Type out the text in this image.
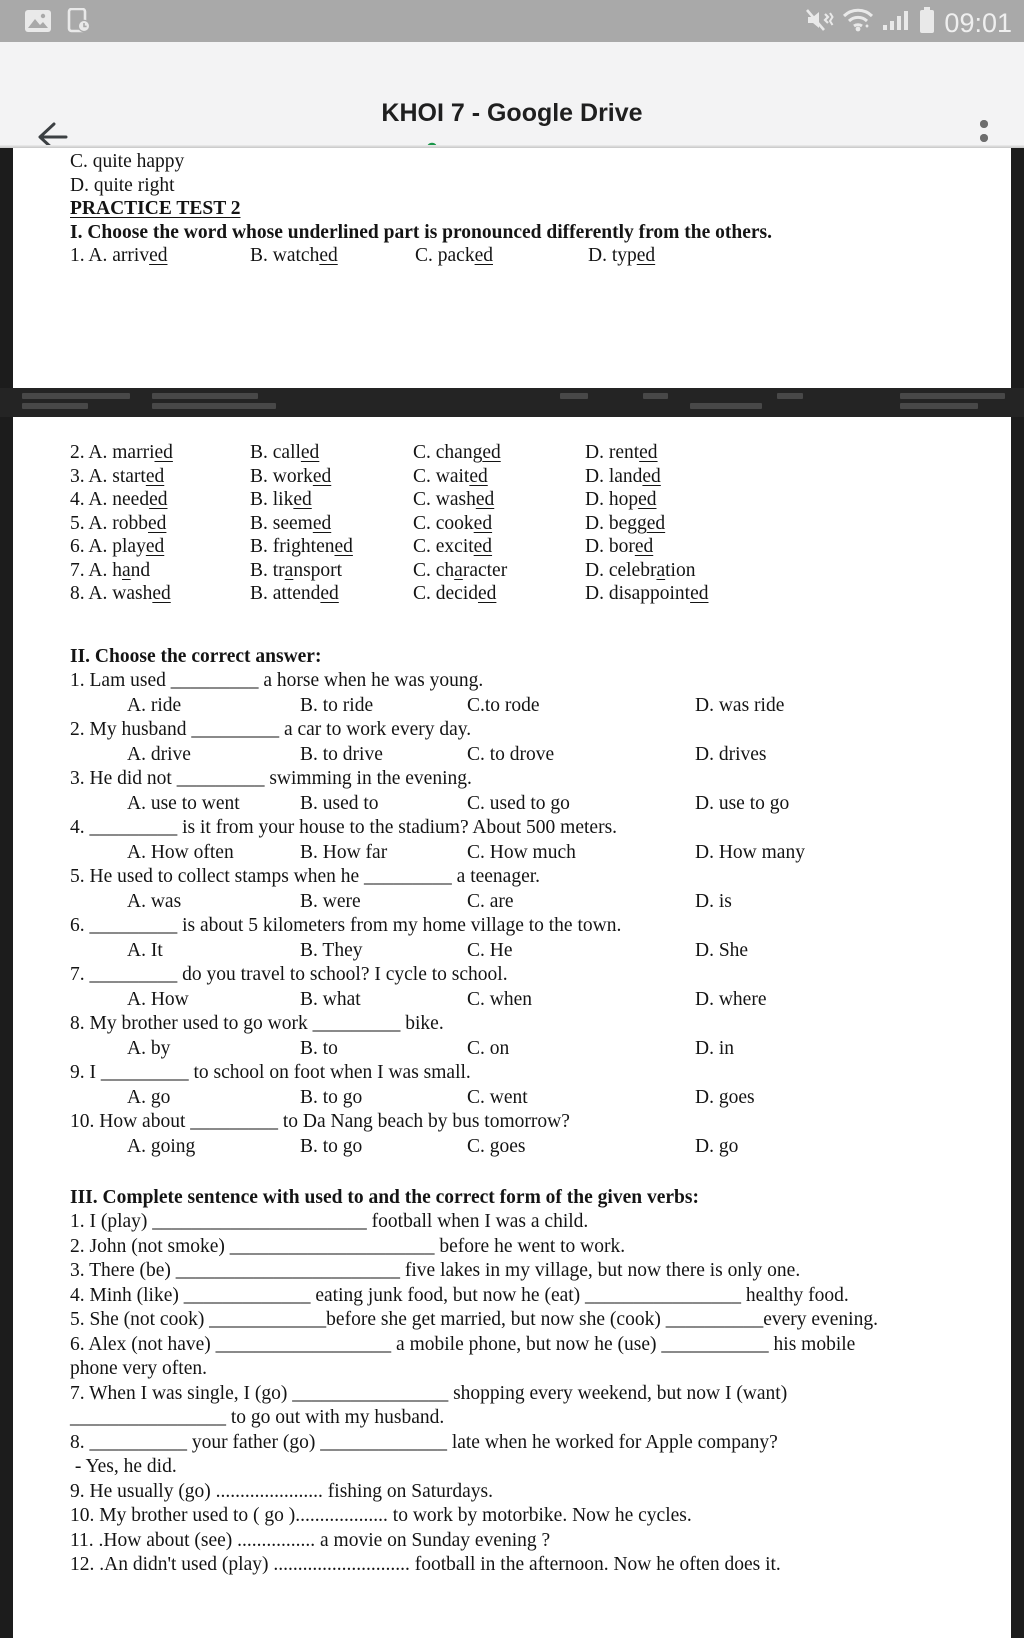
09:01
KHOI 7 - Google Drive
C. quite happy
D. quite right
PRACTICE TEST 2
I. Choose the word whose underlined part is pronounced differently from the others.
1. A. arrived	B. watched	C. packed	D. typed
2. A. married	B. called	C. changed	D. rented
3. A. started	B. worked	C. waited	D. landed
4. A. needed	B. liked	C. washed	D. hoped
5. A. robbed	B. seemed	C. cooked	D. begged
6. A. played	B. frightened	C. excited	D. bored
7. A. hand	B. transport	C. character	D. celebration
8. A. washed	B. attended	C. decided	D. disappointed
II. Choose the correct answer:
1. Lam used _________ a horse when he was young.
A. ride	B. to ride	C.to rode	D. was ride
2. My husband _________ a car to work every day.
A. drive	B. to drive	C. to drove	D. drives
3. He did not _________ swimming in the evening.
A. use to went	B. used to	C. used to go	D. use to go
4. _________ is it from your house to the stadium? About 500 meters.
A. How often	B. How far	C. How much	D. How many
5. He used to collect stamps when he _________ a teenager.
A. was	B. were	C. are	D. is
6. _________ is about 5 kilometers from my home village to the town.
A. It	B. They	C. He	D. She
7. _________ do you travel to school? I cycle to school.
A. How	B. what	C. when	D. where
8. My brother used to go work _________ bike.
A. by	B. to	C. on	D. in
9. I _________ to school on foot when I was small.
A. go	B. to go	C. went	D. goes
10. How about _________ to Da Nang beach by bus tomorrow?
A. going	B. to go	C. goes	D. go
III. Complete sentence with used to and the correct form of the given verbs:
1. I (play) ______________________ football when I was a child.
2. John (not smoke) _____________________ before he went to work.
3. There (be) _______________________ five lakes in my village, but now there is only one.
4. Minh (like) _____________ eating junk food, but now he (eat) ________________ healthy food.
5. She (not cook) ____________before she get married, but now she (cook) __________every evening.
6. Alex (not have) __________________ a mobile phone, but now he (use) ___________ his mobile
phone very often.
7. When I was single, I (go) ________________ shopping every weekend, but now I (want)
________________ to go out with my husband.
8. __________ your father (go) _____________ late when he worked for Apple company?
- Yes, he did.
9. He usually (go) ...................... fishing on Saturdays.
10. My brother used to ( go )................... to work by motorbike. Now he cycles.
11. .How about (see) ................ a movie on Sunday evening ?
12. .An didn't used (play) ............................ football in the afternoon. Now he often does it.
